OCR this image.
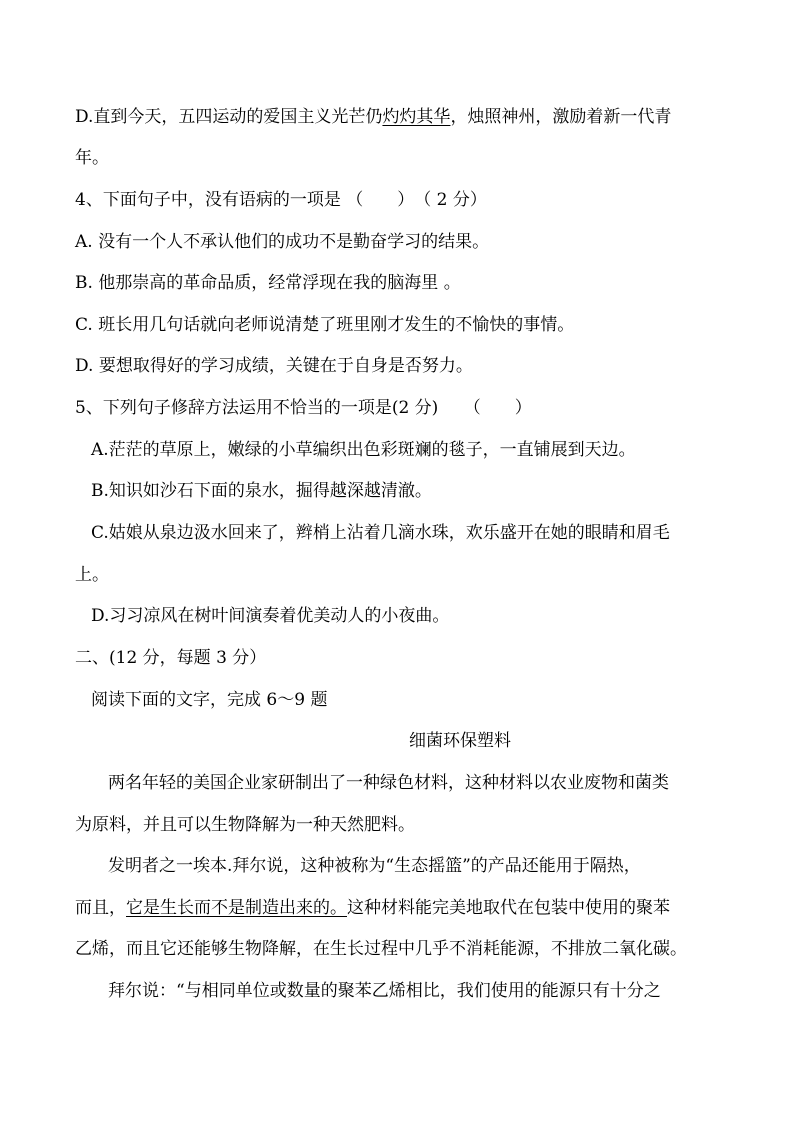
D.直到今天，五四运动的爱国主义光芒仍灼灼其华，烛照神州，激励着新一代青
年。
4、下面句子中，没有语病的一项是 （　　）　（ 2 分）
A. 没有一个人不承认他们的成功不是勤奋学习的结果。
B. 他那崇高的革命品质，经常浮现在我的脑海里 。
C. 班长用几句话就向老师说清楚了班里刚才发生的不愉快的事情。
D. 要想取得好的学习成绩，关键在于自身是否努力。
5、下列句子修辞方法运用不恰当的一项是(2 分)　　（　　）
A.茫茫的草原上，嫩绿的小草编织出色彩斑斓的毯子，一直铺展到天边。
B.知识如沙石下面的泉水，掘得越深越清澈。
C.姑娘从泉边汲水回来了，辫梢上沾着几滴水珠，欢乐盛开在她的眼睛和眉毛
上。
D.习习凉风在树叶间演奏着优美动人的小夜曲。
二、(12 分，每题 3 分）
阅读下面的文字，完成 6～9 题
细菌环保塑料
两名年轻的美国企业家研制出了一种绿色材料，这种材料以农业废物和菌类
为原料，并且可以生物降解为一种天然肥料。
发明者之一埃本.拜尔说，这种被称为“生态摇篮”的产品还能用于隔热，
而且，它是生长而不是制造出来的。这种材料能完美地取代在包装中使用的聚苯
乙烯，而且它还能够生物降解，在生长过程中几乎不消耗能源，不排放二氧化碳。
拜尔说：“与相同单位或数量的聚苯乙烯相比，我们使用的能源只有十分之
